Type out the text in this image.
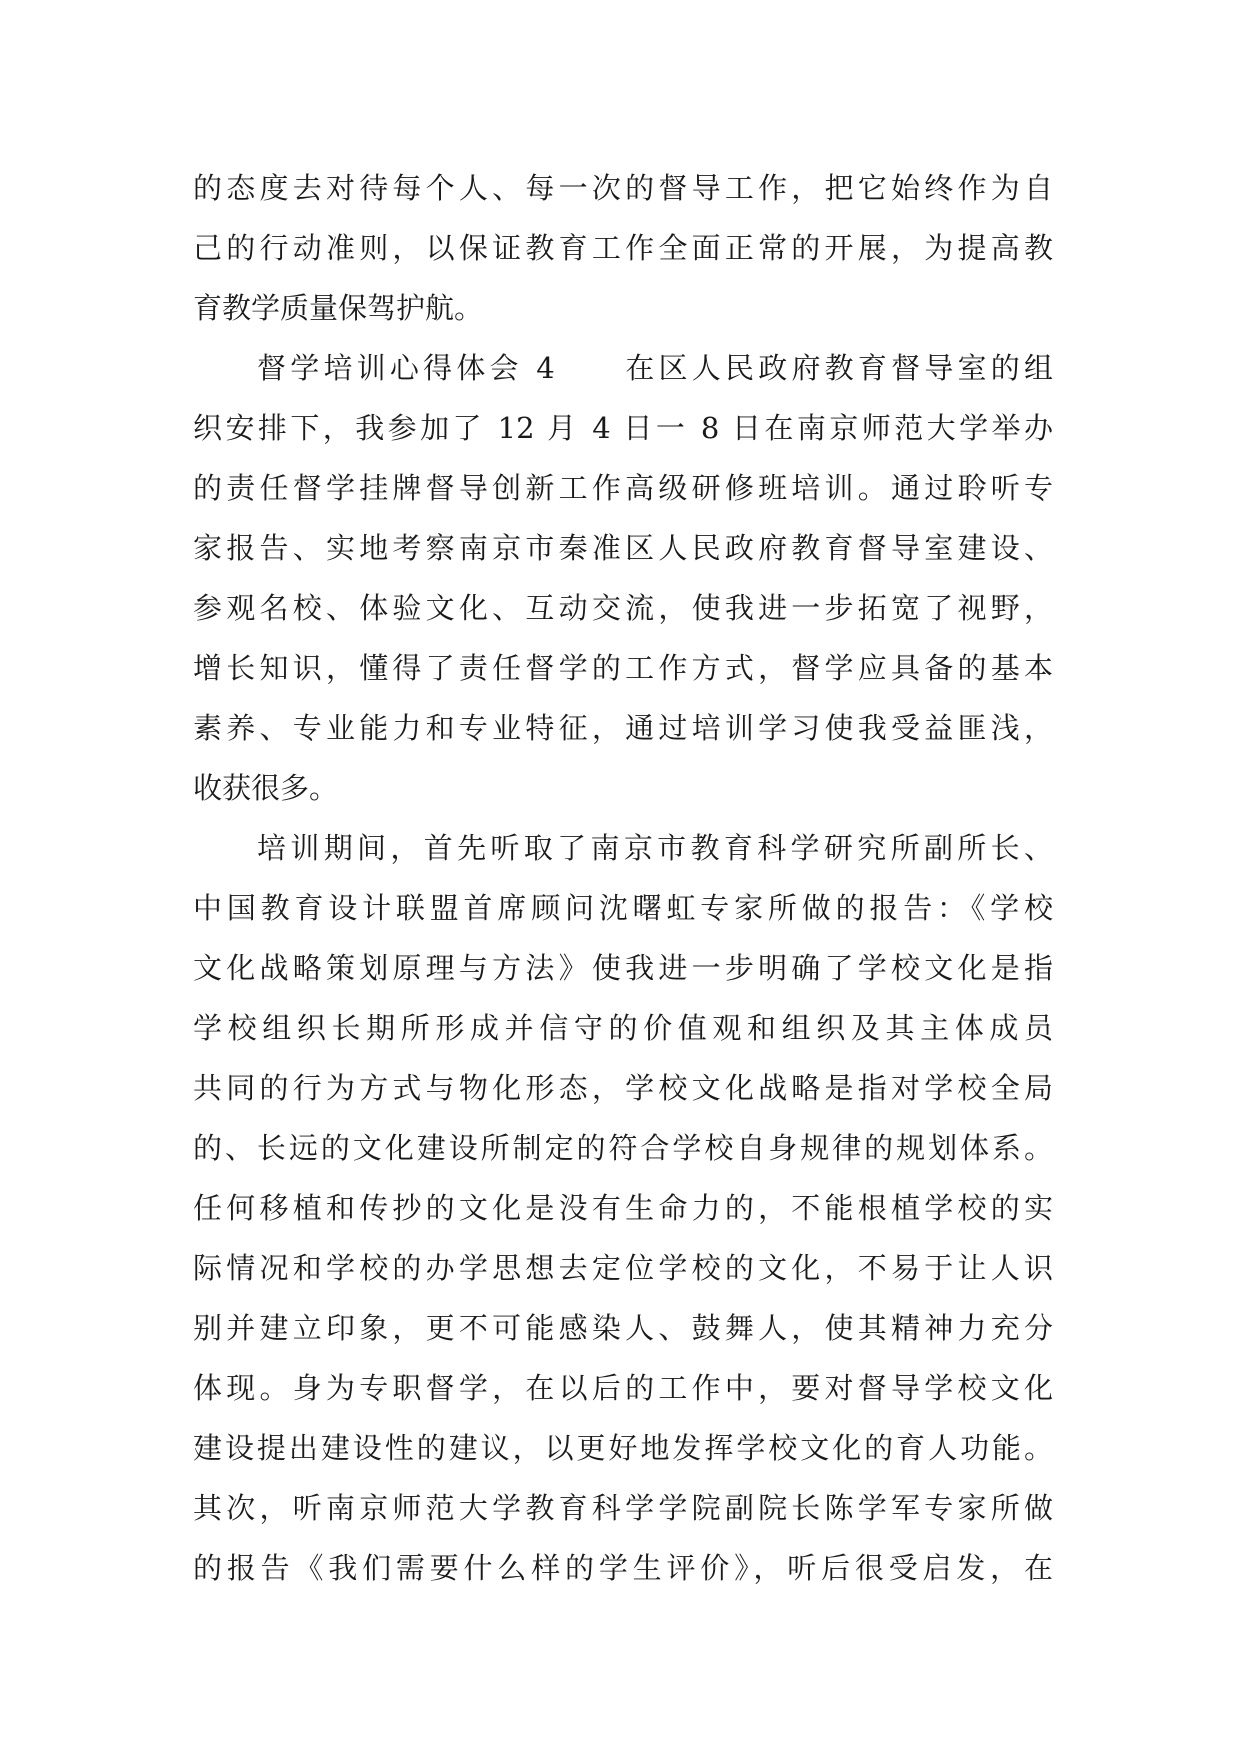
的态度去对待每个人、每一次的督导工作，把它始终作为自
己的行动准则，以保证教育工作全面正常的开展，为提高教
育教学质量保驾护航。
督学培训心得体会 4　　在区人民政府教育督导室的组
织安排下，我参加了 12 月 4 日一 8 日在南京师范大学举办
的责任督学挂牌督导创新工作高级研修班培训。通过聆听专
家报告、实地考察南京市秦准区人民政府教育督导室建设、
参观名校、体验文化、互动交流，使我进一步拓宽了视野，
增长知识，懂得了责任督学的工作方式，督学应具备的基本
素养、专业能力和专业特征，通过培训学习使我受益匪浅，
收获很多。
培训期间，首先听取了南京市教育科学研究所副所长、
中国教育设计联盟首席顾问沈曙虹专家所做的报告：《学校
文化战略策划原理与方法》使我进一步明确了学校文化是指
学校组织长期所形成并信守的价值观和组织及其主体成员
共同的行为方式与物化形态，学校文化战略是指对学校全局
的、长远的文化建设所制定的符合学校自身规律的规划体系。
任何移植和传抄的文化是没有生命力的，不能根植学校的实
际情况和学校的办学思想去定位学校的文化，不易于让人识
别并建立印象，更不可能感染人、鼓舞人，使其精神力充分
体现。身为专职督学，在以后的工作中，要对督导学校文化
建设提出建设性的建议，以更好地发挥学校文化的育人功能。
其次，听南京师范大学教育科学学院副院长陈学军专家所做
的报告《我们需要什么样的学生评价》，听后很受启发，在
